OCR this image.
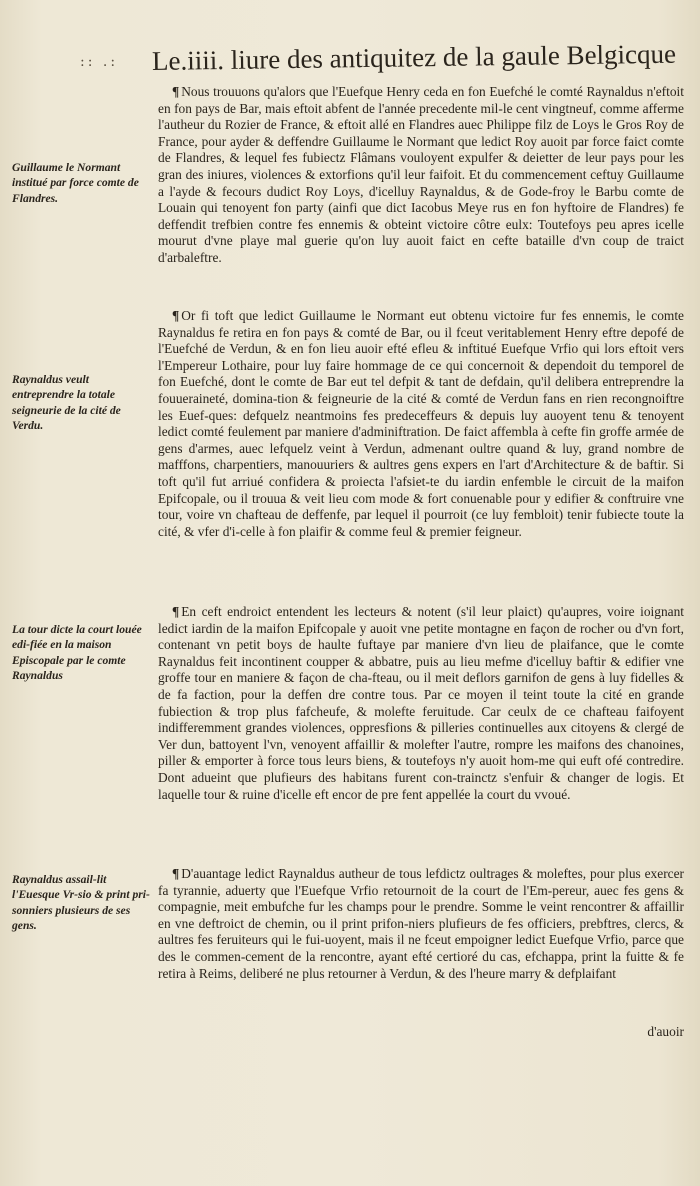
:: .: Le.iiii. liure des antiquitez de la gaule Belgicque

¶ Nous trouuons qu'alors que l'Euefque Henry ceda en fon Euefché le comté Raynaldus n'eftoit en fon pays de Bar, mais eftoit abfent de l'année precedente mil-le cent vingtneuf, comme afferme l'autheur du Rozier de France, & eftoit allé en Flandres auec Philippe filz de Loys le Gros Roy de France, pour ayder & deffendre Guillaume le Normant que ledict Roy auoit par force faict comte de Flandres, & lequel fes fubiectz Flâmans vouloyent expulfer & deietter de leur pays pour les gran des iniures, violences & extorfions qu'il leur faifoit. Et du commencement ceftuy Guillaume a l'ayde & fecours dudict Roy Loys, d'icelluy Raynaldus, & de Gode-froy le Barbu comte de Louain qui tenoyent fon party (ainfi que dict Iacobus Meye rus en fon hyftoire de Flandres) fe deffendit trefbien contre fes ennemis & obteint victoire côtre eulx: Toutefoys peu apres icelle mourut d'vne playe mal guerie qu'on luy auoit faict en cefte bataille d'vn coup de traict d'arbaleftre.

Guillaume le Normant institué par force comte de Flandres.

¶ Or fi toft que ledict Guillaume le Normant eut obtenu victoire fur fes ennemis, le comte Raynaldus fe retira en fon pays & comté de Bar, ou il fceut veritablement Henry eftre depofé de l'Euefché de Verdun, & en fon lieu auoir efté efleu & inftitué Euefque Vrfio qui lors eftoit vers l'Empereur Lothaire, pour luy faire hommage de ce qui concernoit & dependoit du temporel de fon Euefché, dont le comte de Bar eut tel defpit & tant de defdain, qu'il delibera entreprendre la fouueraineté, domina-tion & feigneurie de la cité & comté de Verdun fans en rien recongnoiftre les Euef-ques: defquelz neantmoins fes predeceffeurs & depuis luy auoyent tenu & tenoyent ledict comté feulement par maniere d'adminiftration. De faict affembla à cefte fin groffe armée de gens d'armes, auec lefquelz veint à Verdun, admenant oultre quand & luy, grand nombre de mafffons, charpentiers, manouuriers & aultres gens expers en l'art d'Architecture & de baftir. Si toft qu'il fut arriué confidera & proiecta l'afsiet-te du iardin enfemble le circuit de la maifon Epifcopale, ou il trouua & veit lieu com mode & fort conuenable pour y edifier & conftruire vne tour, voire vn chafteau de deffenfe, par lequel il pourroit (ce luy fembloit) tenir fubiecte toute la cité, & vfer d'i-celle à fon plaifir & comme feul & premier feigneur.

Raynaldus veult entreprendre la totale seigneurie de la cité de Verdu.

¶ En ceft endroict entendent les lecteurs & notent (s'il leur plaict) qu'aupres, voire ioignant ledict iardin de la maifon Epifcopale y auoit vne petite montagne en façon de rocher ou d'vn fort, contenant vn petit boys de haulte fuftaye par maniere d'vn lieu de plaifance, que le comte Raynaldus feit incontinent coupper & abbatre, puis au lieu mefme d'icelluy baftir & edifier vne groffe tour en maniere & façon de cha-fteau, ou il meit deflors garnifon de gens à luy fidelles & de fa faction, pour la deffen dre contre tous. Par ce moyen il teint toute la cité en grande fubiection & trop plus fafcheufe, & molefte feruitude. Car ceulx de ce chafteau faifoyent indifferemment grandes violences, oppresfions & pilleries continuelles aux citoyens & clergé de Ver dun, battoyent l'vn, venoyent affaillir & molefter l'autre, rompre les maifons des chanoines, piller & emporter à force tous leurs biens, & toutefoys n'y auoit hom-me qui euft ofé contredire. Dont adueint que plufieurs des habitans furent con-trainctz s'enfuir & changer de logis. Et laquelle tour & ruine d'icelle eft encor de pre fent appellée la court du vvoué.

La tour dicte la court louée edi-fiée en la maison Episcopale par le comte Raynaldus

¶ D'auantage ledict Raynaldus autheur de tous lefdictz oultrages & moleftes, pour plus exercer fa tyrannie, aduerty que l'Euefque Vrfio retournoit de la court de l'Em-pereur, auec fes gens & compagnie, meit embufche fur les champs pour le prendre. Somme le veint rencontrer & affaillir en vne deftroict de chemin, ou il print prifon-niers plufieurs de fes officiers, prebftres, clercs, & aultres fes feruiteurs qui le fui-uoyent, mais il ne fceut empoigner ledict Euefque Vrfio, parce que des le commen-cement de la rencontre, ayant efté certioré du cas, efchappa, print la fuitte & fe retira à Reims, deliberé ne plus retourner à Verdun, & des l'heure marry & defplaifant

Raynaldus assail-lit l'Euesque Vr-sio & print pri-sonniers plusieurs de ses gens.
d'auoir
